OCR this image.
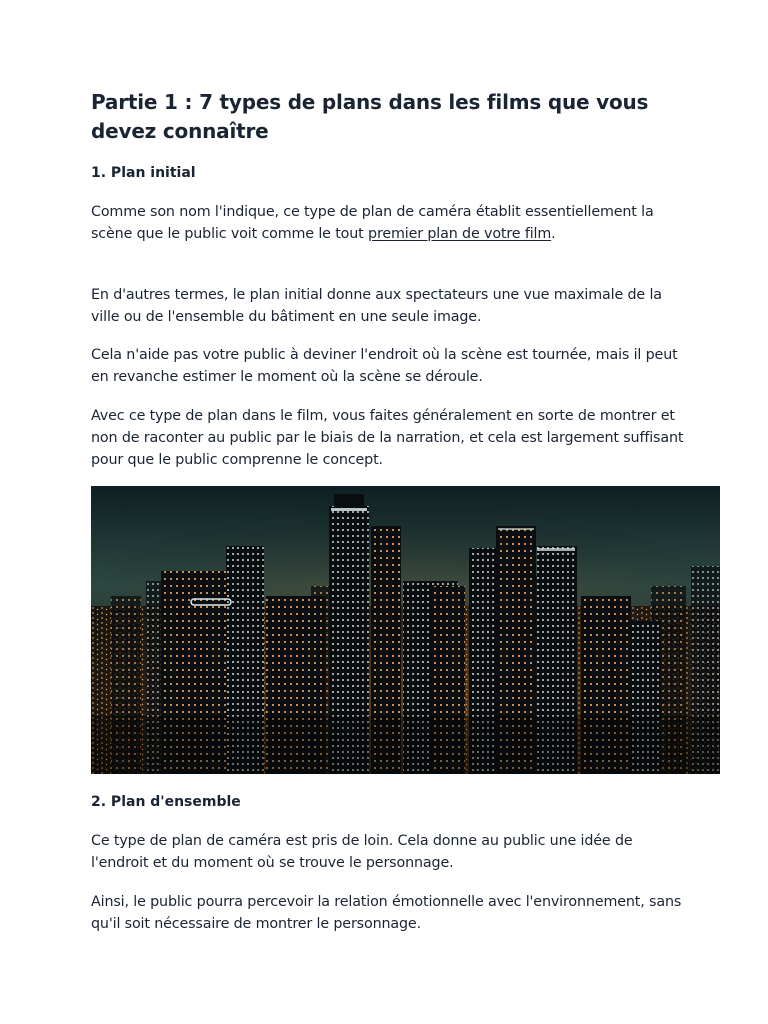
Partie 1 : 7 types de plans dans les films que vous devez connaître
1. Plan initial

Comme son nom l'indique, ce type de plan de caméra établit essentiellement la scène que le public voit comme le tout premier plan de votre film.

En d'autres termes, le plan initial donne aux spectateurs une vue maximale de la ville ou de l'ensemble du bâtiment en une seule image.

Cela n'aide pas votre public à deviner l'endroit où la scène est tournée, mais il peut en revanche estimer le moment où la scène se déroule.

Avec ce type de plan dans le film, vous faites généralement en sorte de montrer et non de raconter au public par le biais de la narration, et cela est largement suffisant pour que le public comprenne le concept.

2. Plan d'ensemble

Ce type de plan de caméra est pris de loin. Cela donne au public une idée de l'endroit et du moment où se trouve le personnage.

Ainsi, le public pourra percevoir la relation émotionnelle avec l'environnement, sans qu'il soit nécessaire de montrer le personnage.
